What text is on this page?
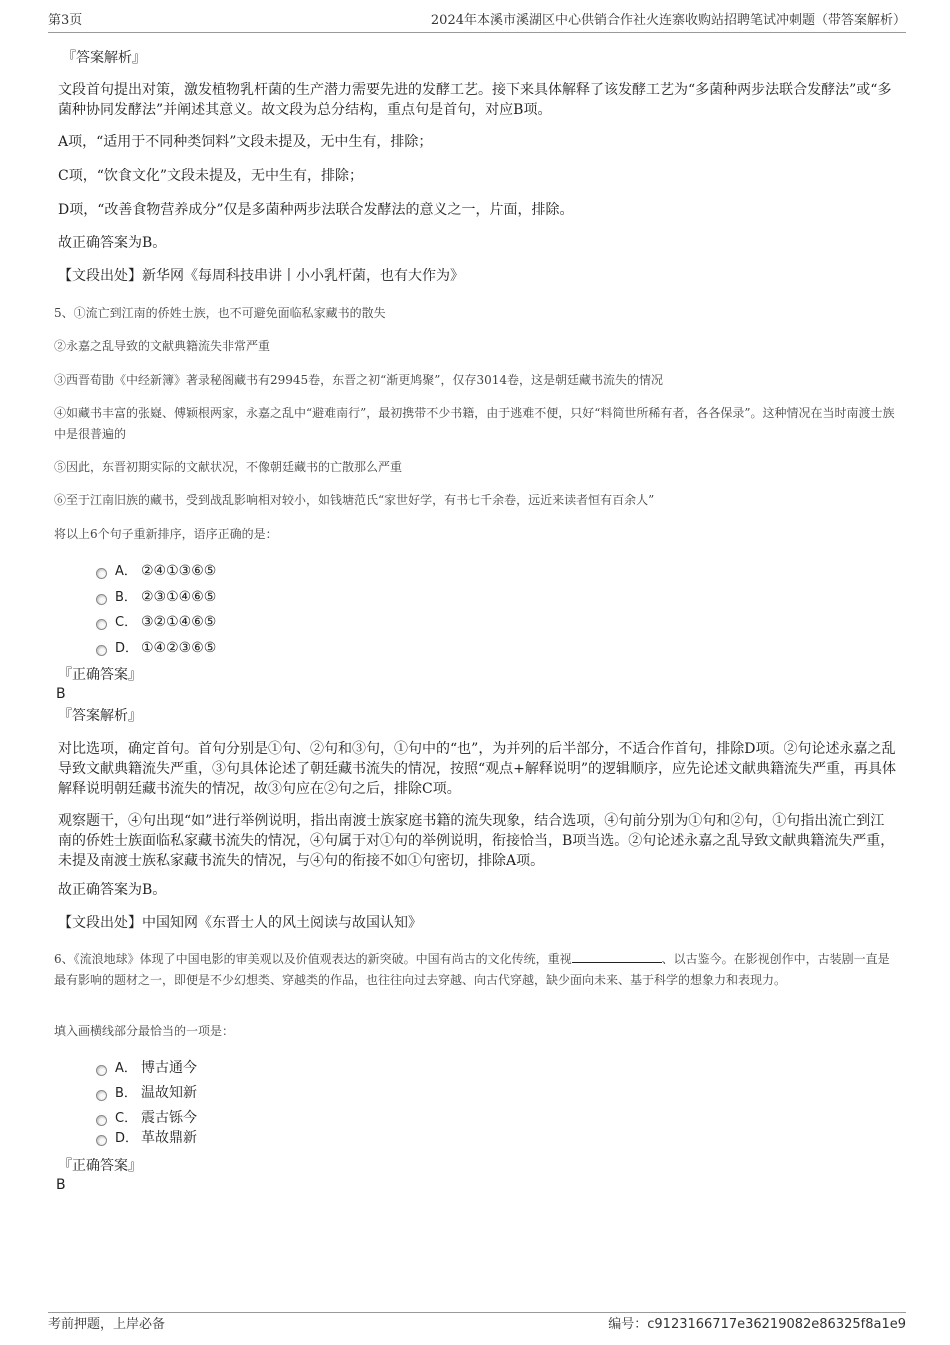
第3页	2024年本溪市溪湖区中心供销合作社火连寨收购站招聘笔试冲刺题（带答案解析）
『答案解析』
文段首句提出对策，激发植物乳杆菌的生产潜力需要先进的发酵工艺。接下来具体解释了该发酵工艺为“多菌种两步法联合发酵法”或“多菌种协同发酵法”并阐述其意义。故文段为总分结构，重点句是首句，对应B项。
A项，“适用于不同种类饲料”文段未提及，无中生有，排除；
C项，“饮食文化”文段未提及，无中生有，排除；
D项，“改善食物营养成分”仅是多菌种两步法联合发酵法的意义之一，片面，排除。
故正确答案为B。
【文段出处】新华网《每周科技串讲丨小小乳杆菌，也有大作为》
5、①流亡到江南的侨姓士族，也不可避免面临私家藏书的散失
②永嘉之乱导致的文献典籍流失非常严重
③西晋荀勖《中经新簿》著录秘阁藏书有29945卷，东晋之初“渐更鸠聚”，仅存3014卷，这是朝廷藏书流失的情况
④如藏书丰富的张嶷、傅颖根两家，永嘉之乱中“避难南行”，最初携带不少书籍，由于逃难不便，只好“料简世所稀有者，各各保录”。这种情况在当时南渡士族中是很普遍的
⑤因此，东晋初期实际的文献状况，不像朝廷藏书的亡散那么严重
⑥至于江南旧族的藏书，受到战乱影响相对较小，如钱塘范氏“家世好学，有书七千余卷，远近来读者恒有百余人”
将以上6个句子重新排序，语序正确的是：
A． ②④①③⑥⑤
B． ②③①④⑥⑤
C． ③②①④⑥⑤
D． ①④②③⑥⑤
『正确答案』
B
『答案解析』
对比选项，确定首句。首句分别是①句、②句和③句，①句中的“也”，为并列的后半部分，不适合作首句，排除D项。②句论述永嘉之乱导致文献典籍流失严重，③句具体论述了朝廷藏书流失的情况，按照“观点+解释说明”的逻辑顺序，应先论述文献典籍流失严重，再具体解释说明朝廷藏书流失的情况，故③句应在②句之后，排除C项。
观察题干，④句出现“如”进行举例说明，指出南渡士族家庭书籍的流失现象，结合选项，④句前分别为①句和②句，①句指出流亡到江南的侨姓士族面临私家藏书流失的情况，④句属于对①句的举例说明，衔接恰当，B项当选。②句论述永嘉之乱导致文献典籍流失严重，未提及南渡士族私家藏书流失的情况，与④句的衔接不如①句密切，排除A项。
故正确答案为B。
【文段出处】中国知网《东晋士人的风土阅读与故国认知》
6、《流浪地球》体现了中国电影的审美观以及价值观表达的新突破。中国有尚古的文化传统，重视	、以古鉴今。在影视创作中，古装剧一直是最有影响的题材之一，即便是不少幻想类、穿越类的作品，也往往向过去穿越、向古代穿越，缺少面向未来、基于科学的想象力和表现力。
填入画横线部分最恰当的一项是：
A． 博古通今
B． 温故知新
C． 震古铄今
D． 革故鼎新
『正确答案』
B
考前押题，上岸必备	编号：c9123166717e36219082e86325f8a1e9
